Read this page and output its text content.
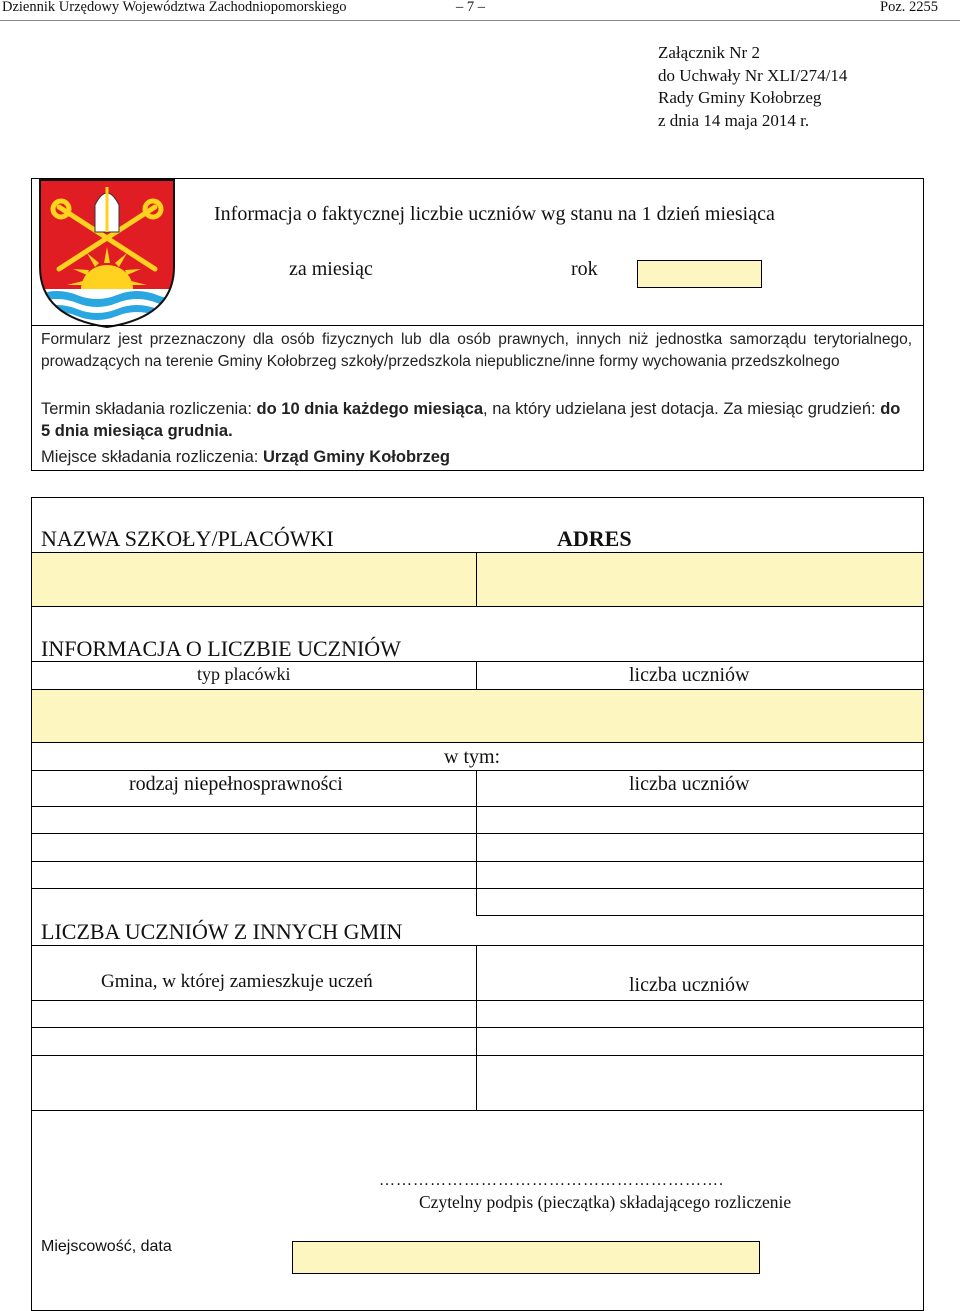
Dziennik Urzędowy Województwa Zachodniopomorskiego	– 7 –	Poz. 2255
Załącznik Nr 2
do Uchwały Nr XLI/274/14
Rady Gminy Kołobrzeg
z dnia 14 maja 2014 r.
Informacja o faktycznej liczbie uczniów wg stanu na 1 dzień miesiąca
za miesiąc	rok
Formularz jest przeznaczony dla osób fizycznych lub dla osób prawnych, innych niż jednostka samorządu terytorialnego, prowadzących na terenie Gminy Kołobrzeg szkoły/przedszkola niepubliczne/inne formy wychowania przedszkolnego
Termin składania rozliczenia: do 10 dnia każdego miesiąca, na który udzielana jest dotacja. Za miesiąc grudzień: do 5 dnia miesiąca grudnia.
Miejsce składania rozliczenia: Urząd Gminy Kołobrzeg
NAZWA SZKOŁY/PLACÓWKI	ADRES
INFORMACJA O LICZBIE UCZNIÓW
typ placówki	liczba uczniów
w tym:
rodzaj niepełnosprawności	liczba uczniów
LICZBA UCZNIÓW Z INNYCH GMIN
Gmina, w której zamieszkuje uczeń	liczba uczniów
…………………………………………………….
Czytelny podpis (pieczątka) składającego rozliczenie
Miejscowość, data
